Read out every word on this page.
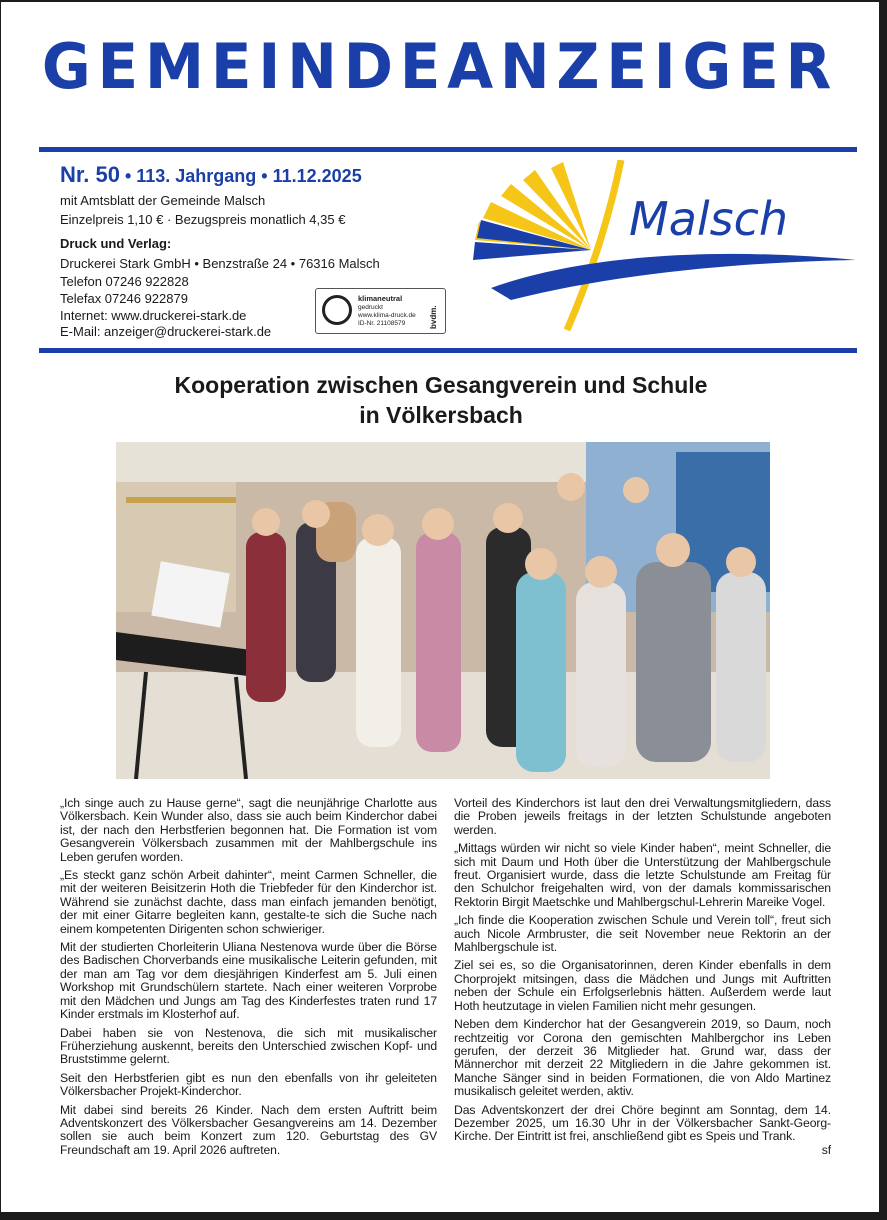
GEMEINDEANZEIGER
Nr. 50 • 113. Jahrgang • 11.12.2025
mit Amtsblatt der Gemeinde Malsch
Einzelpreis 1,10 € · Bezugspreis monatlich 4,35 €
Druck und Verlag:
Druckerei Stark GmbH • Benzstraße 24 • 76316 Malsch
Telefon 07246 922828
Telefax 07246 922879
Internet: www.druckerei-stark.de
E-Mail: anzeiger@druckerei-stark.de
klimaneutral
gedruckt
www.klima-druck.de
ID-Nr. 21108579	bvdm.
Malsch
Kooperation zwischen Gesangverein und Schule
in Völkersbach

„Ich singe auch zu Hause gerne“, sagt die neunjährige Charlotte aus Völkersbach. Kein Wunder also, dass sie auch beim Kinderchor dabei ist, der nach den Herbstferien begonnen hat. Die Formation ist vom Gesangverein Völkersbach zusammen mit der Mahlbergschule ins Leben gerufen worden.

„Es steckt ganz schön Arbeit dahinter“, meint Carmen Schneller, die mit der weiteren Beisitzerin Hoth die Triebfeder für den Kinderchor ist. Während sie zunächst dachte, dass man einfach jemanden benötigt, der mit einer Gitarre begleiten kann, gestalte-te sich die Suche nach einem kompetenten Dirigenten schon schwieriger.

Mit der studierten Chorleiterin Uliana Nestenova wurde über die Börse des Badischen Chorverbands eine musikalische Leiterin gefunden, mit der man am Tag vor dem diesjährigen Kinderfest am 5. Juli einen Workshop mit Grundschülern startete. Nach einer weiteren Vorprobe mit den Mädchen und Jungs am Tag des Kinderfestes traten rund 17 Kinder erstmals im Klosterhof auf.

Dabei haben sie von Nestenova, die sich mit musikalischer Früherziehung auskennt, bereits den Unterschied zwischen Kopf- und Bruststimme gelernt.

Seit den Herbstferien gibt es nun den ebenfalls von ihr geleiteten Völkersbacher Projekt-Kinderchor.

Mit dabei sind bereits 26 Kinder. Nach dem ersten Auftritt beim Adventskonzert des Völkersbacher Gesangvereins am 14. Dezember sollen sie auch beim Konzert zum 120. Geburtstag des GV Freundschaft am 19. April 2026 auftreten.

Vorteil des Kinderchors ist laut den drei Verwaltungsmitgliedern, dass die Proben jeweils freitags in der letzten Schulstunde angeboten werden.

„Mittags würden wir nicht so viele Kinder haben“, meint Schneller, die sich mit Daum und Hoth über die Unterstützung der Mahlbergschule freut. Organisiert wurde, dass die letzte Schulstunde am Freitag für den Schulchor freigehalten wird, von der damals kommissarischen Rektorin Birgit Maetschke und Mahlbergschul-Lehrerin Mareike Vogel.

„Ich finde die Kooperation zwischen Schule und Verein toll“, freut sich auch Nicole Armbruster, die seit November neue Rektorin an der Mahlbergschule ist.

Ziel sei es, so die Organisatorinnen, deren Kinder ebenfalls in dem Chorprojekt mitsingen, dass die Mädchen und Jungs mit Auftritten neben der Schule ein Erfolgserlebnis hätten. Außerdem werde laut Hoth heutzutage in vielen Familien nicht mehr gesungen.

Neben dem Kinderchor hat der Gesangverein 2019, so Daum, noch rechtzeitig vor Corona den gemischten Mahlbergchor ins Leben gerufen, der derzeit 36 Mitglieder hat. Grund war, dass der Männerchor mit derzeit 22 Mitgliedern in die Jahre gekommen ist. Manche Sänger sind in beiden Formationen, die von Aldo Martinez musikalisch geleitet werden, aktiv.

Das Adventskonzert der drei Chöre beginnt am Sonntag, dem 14. Dezember 2025, um 16.30 Uhr in der Völkersbacher Sankt-Georg-Kirche. Der Eintritt ist frei, anschließend gibt es Speis und Trank.

sf
